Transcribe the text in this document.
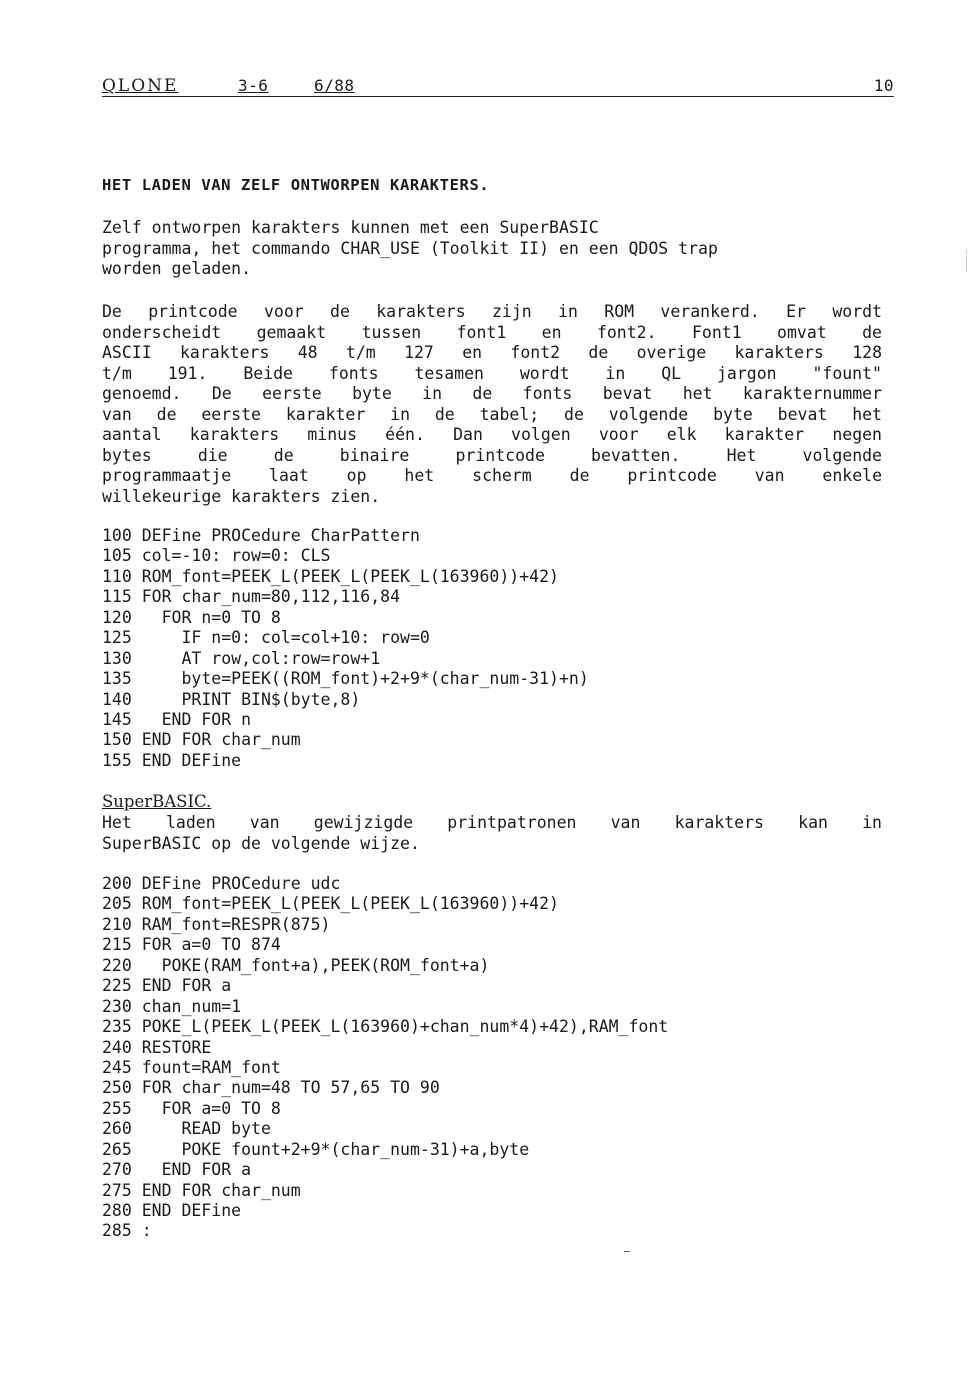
QLONE	3-6	6/88	10
HET LADEN VAN ZELF ONTWORPEN KARAKTERS.
Zelf ontworpen karakters kunnen met een SuperBASIC
programma, het commando CHAR_USE (Toolkit II) en een QDOS trap
worden geladen.
De printcode voor de karakters zijn in ROM verankerd. Er wordt
onderscheidt gemaakt tussen font1 en font2. Font1 omvat de
ASCII karakters 48 t/m 127 en font2 de overige karakters 128
t/m 191. Beide fonts tesamen wordt in QL jargon "fount"
genoemd. De eerste byte in de fonts bevat het karakternummer
van de eerste karakter in de tabel; de volgende byte bevat het
aantal karakters minus één. Dan volgen voor elk karakter negen
bytes die de binaire printcode bevatten. Het volgende
programmaatje laat op het scherm de printcode van enkele
willekeurige karakters zien.
100 DEFine PROCedure CharPattern
105 col=-10: row=0: CLS
110 ROM_font=PEEK_L(PEEK_L(PEEK_L(163960))+42)
115 FOR char_num=80,112,116,84
120   FOR n=0 TO 8
125     IF n=0: col=col+10: row=0
130     AT row,col:row=row+1
135     byte=PEEK((ROM_font)+2+9*(char_num-31)+n)
140     PRINT BIN$(byte,8)
145   END FOR n
150 END FOR char_num
155 END DEFine
SuperBASIC.
Het laden van gewijzigde printpatronen van karakters kan in
SuperBASIC op de volgende wijze.
200 DEFine PROCedure udc
205 ROM_font=PEEK_L(PEEK_L(PEEK_L(163960))+42)
210 RAM_font=RESPR(875)
215 FOR a=0 TO 874
220   POKE(RAM_font+a),PEEK(ROM_font+a)
225 END FOR a
230 chan_num=1
235 POKE_L(PEEK_L(PEEK_L(163960)+chan_num*4)+42),RAM_font
240 RESTORE
245 fount=RAM_font
250 FOR char_num=48 TO 57,65 TO 90
255   FOR a=0 TO 8
260     READ byte
265     POKE fount+2+9*(char_num-31)+a,byte
270   END FOR a
275 END FOR char_num
280 END DEFine
285 :
